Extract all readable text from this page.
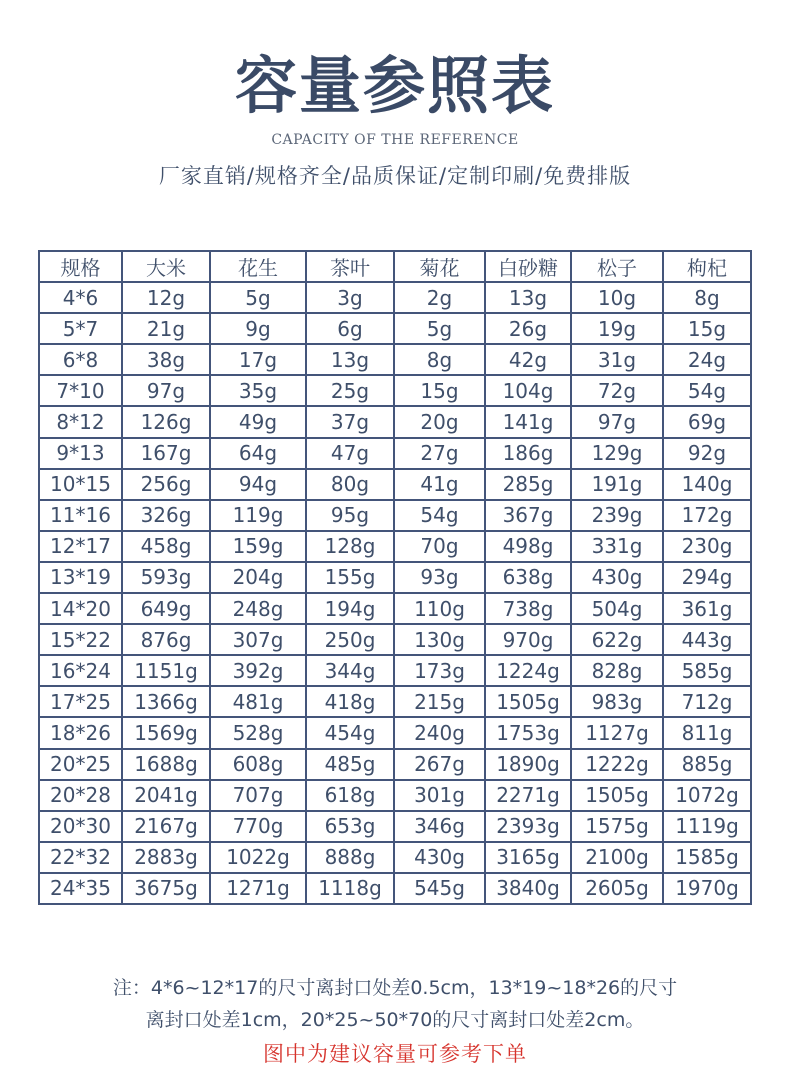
容量参照表
CAPACITY OF THE REFERENCE
厂家直销/规格齐全/品质保证/定制印刷/免费排版
规格	大米	花生	茶叶	菊花	白砂糖	松子	枸杞
4*6	12g	5g	3g	2g	13g	10g	8g
5*7	21g	9g	6g	5g	26g	19g	15g
6*8	38g	17g	13g	8g	42g	31g	24g
7*10	97g	35g	25g	15g	104g	72g	54g
8*12	126g	49g	37g	20g	141g	97g	69g
9*13	167g	64g	47g	27g	186g	129g	92g
10*15	256g	94g	80g	41g	285g	191g	140g
11*16	326g	119g	95g	54g	367g	239g	172g
12*17	458g	159g	128g	70g	498g	331g	230g
13*19	593g	204g	155g	93g	638g	430g	294g
14*20	649g	248g	194g	110g	738g	504g	361g
15*22	876g	307g	250g	130g	970g	622g	443g
16*24	1151g	392g	344g	173g	1224g	828g	585g
17*25	1366g	481g	418g	215g	1505g	983g	712g
18*26	1569g	528g	454g	240g	1753g	1127g	811g
20*25	1688g	608g	485g	267g	1890g	1222g	885g
20*28	2041g	707g	618g	301g	2271g	1505g	1072g
20*30	2167g	770g	653g	346g	2393g	1575g	1119g
22*32	2883g	1022g	888g	430g	3165g	2100g	1585g
24*35	3675g	1271g	1118g	545g	3840g	2605g	1970g
注：4*6~12*17的尺寸离封口处差0.5cm，13*19~18*26的尺寸
离封口处差1cm，20*25~50*70的尺寸离封口处差2cm。
图中为建议容量可参考下单
